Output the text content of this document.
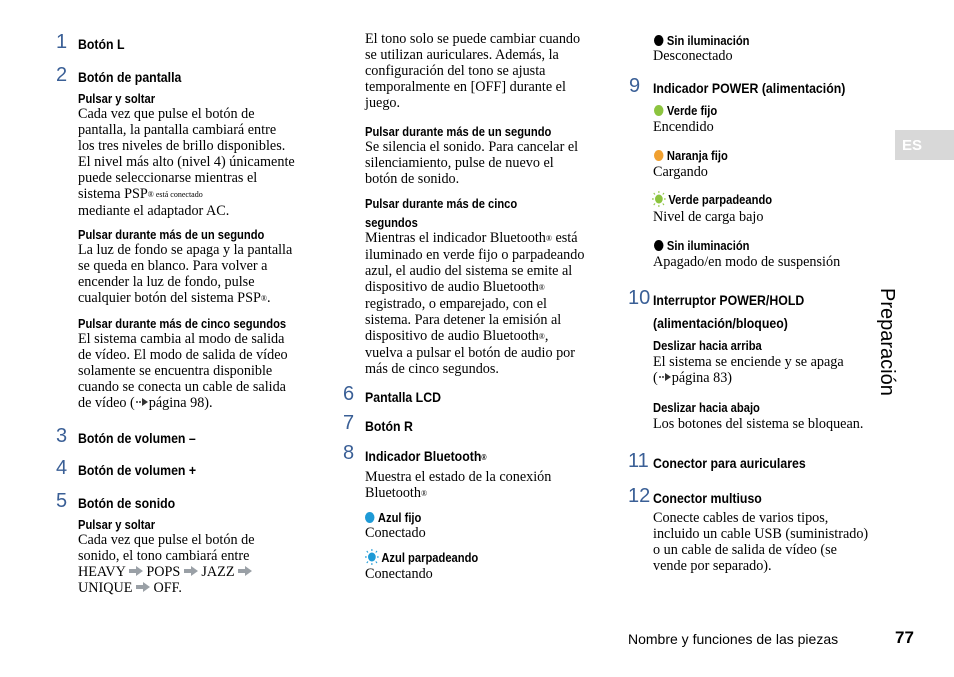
1 Botón L
2 Botón de pantalla
Pulsar y soltar
Cada vez que pulse el botón de
pantalla, la pantalla cambiará entre
los tres niveles de brillo disponibles.
El nivel más alto (nivel 4) únicamente
puede seleccionarse mientras el
sistema PSP® está conectado
mediante el adaptador AC.
Pulsar durante más de un segundo
La luz de fondo se apaga y la pantalla
se queda en blanco. Para volver a
encender la luz de fondo, pulse
cualquier botón del sistema PSP®.
Pulsar durante más de cinco segundos
El sistema cambia al modo de salida
de vídeo. El modo de salida de vídeo
solamente se encuentra disponible
cuando se conecta un cable de salida
de vídeo ( página 98).
3 Botón de volumen –
4 Botón de volumen +
5 Botón de sonido
Pulsar y soltar
Cada vez que pulse el botón de
sonido, el tono cambiará entre
HEAVY POPS JAZZ
UNIQUE OFF.
El tono solo se puede cambiar cuando
se utilizan auriculares. Además, la
configuración del tono se ajusta
temporalmente en [OFF] durante el
juego.
Pulsar durante más de un segundo
Se silencia el sonido. Para cancelar el
silenciamiento, pulse de nuevo el
botón de sonido.
Pulsar durante más de cinco
segundos
Mientras el indicador Bluetooth® está
iluminado en verde fijo o parpadeando
azul, el audio del sistema se emite al
dispositivo de audio Bluetooth®
registrado, o emparejado, con el
sistema. Para detener la emisión al
dispositivo de audio Bluetooth®,
vuelva a pulsar el botón de audio por
más de cinco segundos.
6 Pantalla LCD
7 Botón R
8 Indicador Bluetooth®
Muestra el estado de la conexión
Bluetooth®
Azul fijo
Conectado
Azul parpadeando
Conectando
Sin iluminación
Desconectado
9 Indicador POWER (alimentación)
Verde fijo
Encendido
Naranja fijo
Cargando
Verde parpadeando
Nivel de carga bajo
Sin iluminación
Apagado/en modo de suspensión
10 Interruptor POWER/HOLD
(alimentación/bloqueo)
Deslizar hacia arriba
El sistema se enciende y se apaga
( página 83)
Deslizar hacia abajo
Los botones del sistema se bloquean.
11 Conector para auriculares
12 Conector multiuso
Conecte cables de varios tipos,
incluido un cable USB (suministrado)
o un cable de salida de vídeo (se
vende por separado).
ES
Preparación
Nombre y funciones de las piezas	77
